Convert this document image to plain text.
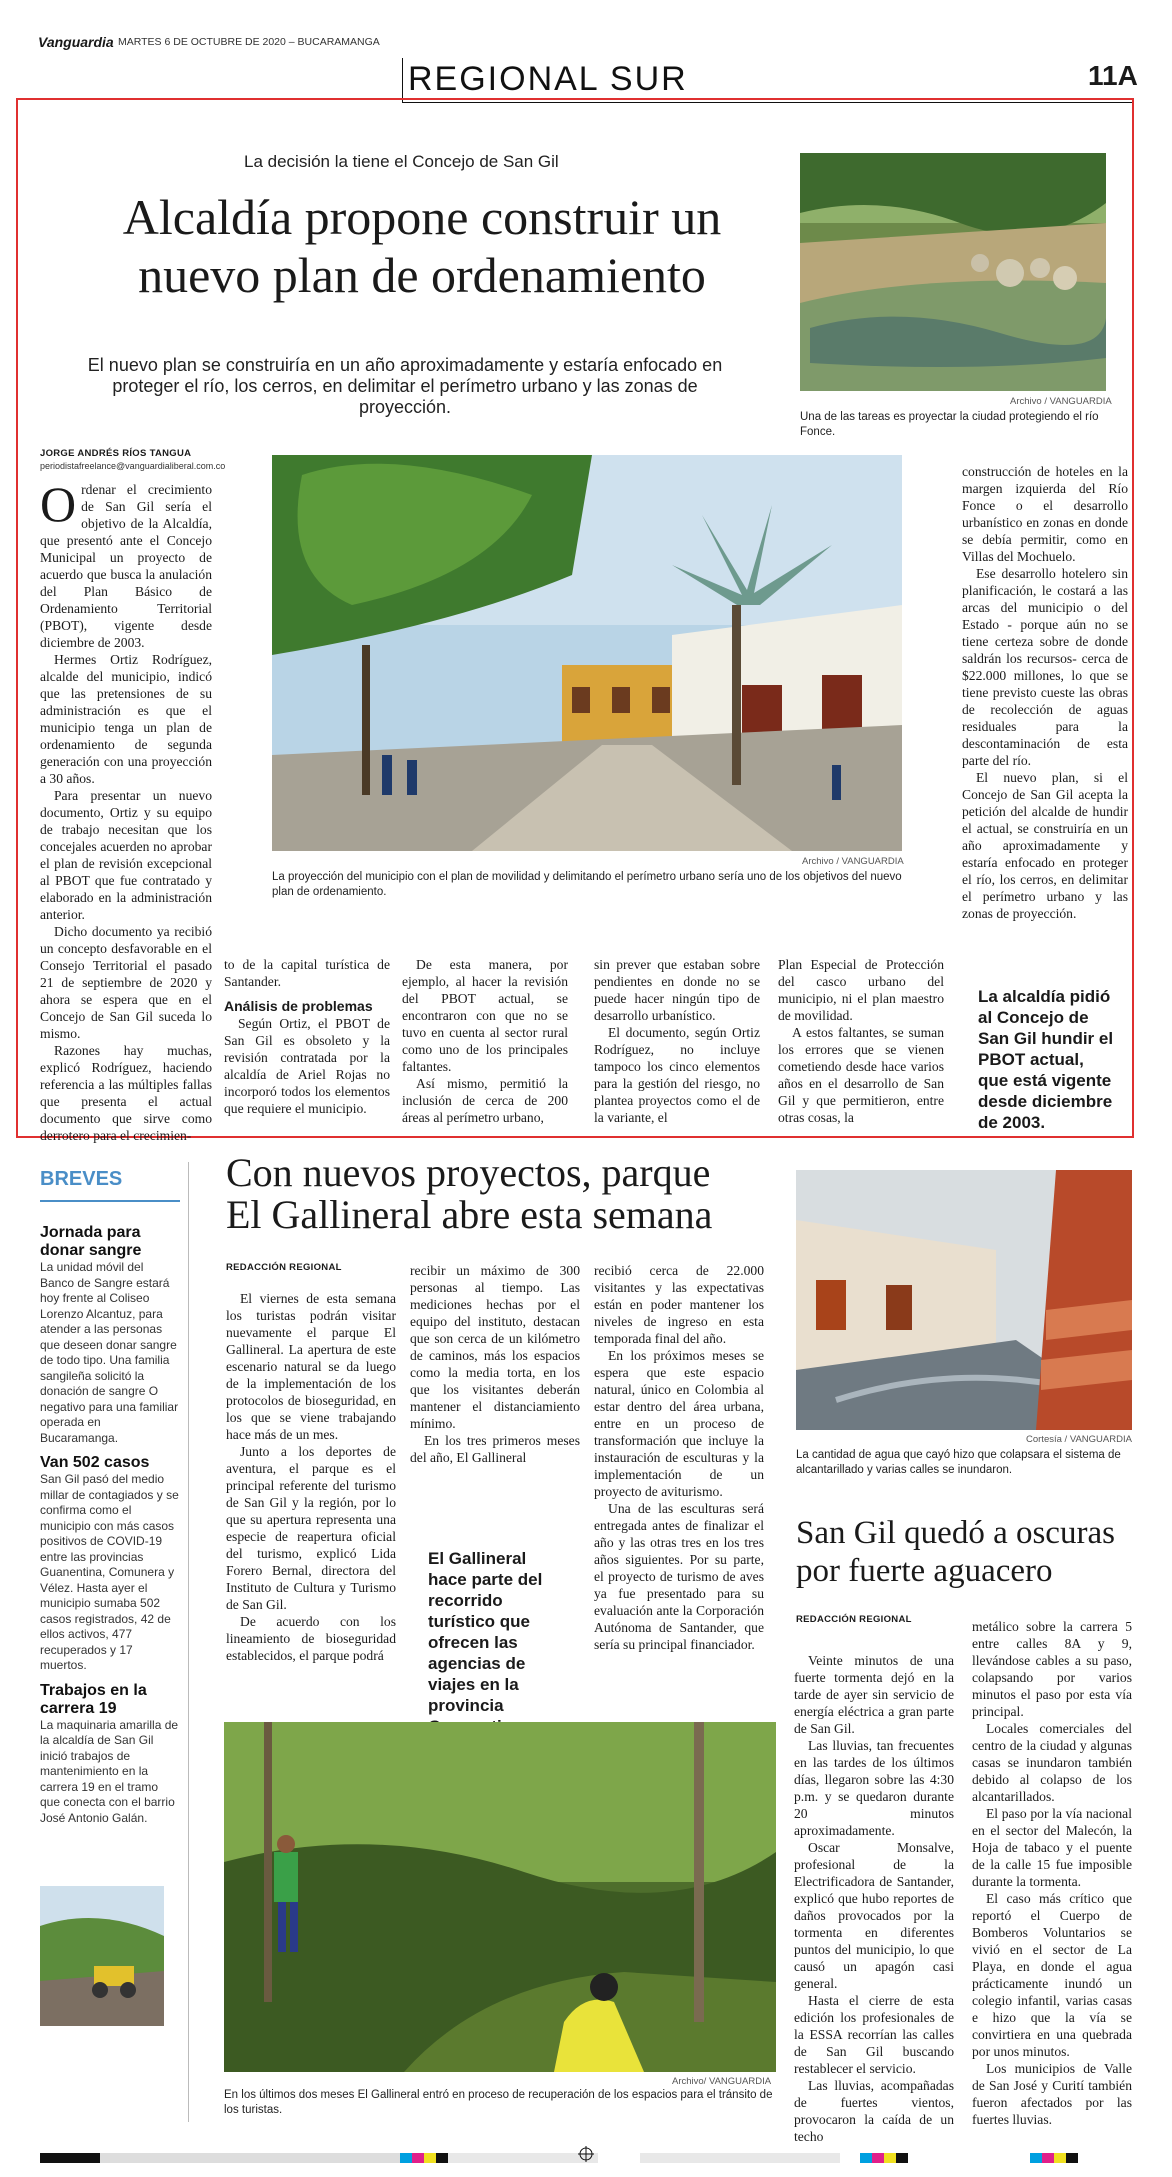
Vanguardia MARTES 6 DE OCTUBRE DE 2020 – BUCARAMANGA
REGIONAL SUR	11A
La decisión la tiene el Concejo de San Gil
Alcaldía propone construir un
nuevo plan de ordenamiento
El nuevo plan se construiría en un año aproximadamente y estaría enfocado en proteger el río, los cerros, en delimitar el perímetro urbano y las zonas de proyección.	Archivo / VANGUARDIA
Una de las tareas es proyectar la ciudad protegiendo el río Fonce.
JORGE ANDRÉS RÍOS TANGUA
periodistafreelance@vanguardialiberal.com.co

Ordenar el crecimiento de San Gil sería el objetivo de la Alcaldía, que presentó ante el Concejo Municipal un proyecto de acuerdo que busca la anulación del Plan Básico de Ordenamiento Territorial (PBOT), vigente desde diciembre de 2003.

Hermes Ortiz Rodríguez, alcalde del municipio, indicó que las pretensiones de su administración es que el municipio tenga un plan de ordenamiento de segunda generación con una proyección a 30 años.

Para presentar un nuevo documento, Ortiz y su equipo de trabajo necesitan que los concejales acuerden no aprobar el plan de revisión excepcional al PBOT que fue contratado y elaborado en la administración anterior.

Dicho documento ya recibió un concepto desfavorable en el Consejo Territorial el pasado 21 de septiembre de 2020 y ahora se espera que en el Concejo de San Gil suceda lo mismo.

Razones hay muchas, explicó Rodríguez, haciendo referencia a las múltiples fallas que presenta el actual documento que sirve como derrotero para el crecimien-

Archivo / VANGUARDIA
La proyección del municipio con el plan de movilidad y delimitando el perímetro urbano sería uno de los objetivos del nuevo plan de ordenamiento.

construcción de hoteles en la margen izquierda del Río Fonce o el desarrollo urbanístico en zonas en donde se debía permitir, como en Villas del Mochuelo.

Ese desarrollo hotelero sin planificación, le costará a las arcas del municipio o del Estado - porque aún no se tiene certeza sobre de donde saldrán los recursos- cerca de $22.000 millones, lo que se tiene previsto cueste las obras de recolección de aguas residuales para la descontaminación de esta parte del río.

El nuevo plan, si el Concejo de San Gil acepta la petición del alcalde de hundir el actual, se construiría en un año aproximadamente y estaría enfocado en proteger el río, los cerros, en delimitar el perímetro urbano y las zonas de proyección.

to de la capital turística de Santander.

Análisis de problemas

Según Ortiz, el PBOT de San Gil es obsoleto y la revisión contratada por la alcaldía de Ariel Rojas no incorporó todos los elementos que requiere el municipio.

De esta manera, por ejemplo, al hacer la revisión del PBOT actual, se encontraron con que no se tuvo en cuenta al sector rural como uno de los principales faltantes.

Así mismo, permitió la inclusión de cerca de 200 áreas al perímetro urbano,

sin prever que estaban sobre pendientes en donde no se puede hacer ningún tipo de desarrollo urbanístico.

El documento, según Ortiz Rodríguez, no incluye tampoco los cinco elementos para la gestión del riesgo, no plantea proyectos como el de la variante, el

Plan Especial de Protección del casco urbano del municipio, ni el plan maestro de movilidad.

A estos faltantes, se suman los errores que se vienen cometiendo desde hace varios años en el desarrollo de San Gil y que permitieron, entre otras cosas, la

La alcaldía pidió al Concejo de San Gil hundir el PBOT actual, que está vigente desde diciembre de 2003.
BREVES
Jornada para donar sangre
La unidad móvil del Banco de Sangre estará hoy frente al Coliseo Lorenzo Alcantuz, para atender a las personas que deseen donar sangre de todo tipo. Una familia sangileña solicitó la donación de sangre O negativo para una familiar operada en Bucaramanga.
Van 502 casos
San Gil pasó del medio millar de contagiados y se confirma como el municipio con más casos positivos de COVID-19 entre las provincias Guanentina, Comunera y Vélez. Hasta ayer el municipio sumaba 502 casos registrados, 42 de ellos activos, 477 recuperados y 17 muertos.
Trabajos en la carrera 19
La maquinaria amarilla de la alcaldía de San Gil inició trabajos de mantenimiento en la carrera 19 en el tramo que conecta con el barrio José Antonio Galán.
Con nuevos proyectos, parque
El Gallineral abre esta semana
REDACCIÓN REGIONAL

El viernes de esta semana los turistas podrán visitar nuevamente el parque El Gallineral. La apertura de este escenario natural se da luego de la implementación de los protocolos de bioseguridad, en los que se viene trabajando hace más de un mes.

Junto a los deportes de aventura, el parque es el principal referente del turismo de San Gil y la región, por lo que su apertura representa una especie de reapertura oficial del turismo, explicó Lida Forero Bernal, directora del Instituto de Cultura y Turismo de San Gil.

De acuerdo con los lineamiento de bioseguridad establecidos, el parque podrá

recibir un máximo de 300 personas al tiempo. Las mediciones hechas por el equipo del instituto, destacan que son cerca de un kilómetro de caminos, más los espacios como la media torta, en los que los visitantes deberán mantener el distanciamiento mínimo.

En los tres primeros meses del año, El Gallineral

El Gallineral hace parte del recorrido turístico que ofrecen las agencias de viajes en la provincia

recibió cerca de 22.000 visitantes y las expectativas están en poder mantener los niveles de ingreso en esta temporada final del año.

En los próximos meses se espera que este espacio natural, único en Colombia al estar dentro del área urbana, entre en un proceso de transformación que incluye la instauración de esculturas y la implementación de un proyecto de aviturismo.

Una de las esculturas será entregada antes de finalizar el año y las otras tres en los tres años siguientes. Por su parte, el proyecto de turismo de aves ya fue presentado para su evaluación ante la Corporación Autónoma de Santander, que sería su principal financiador.

Archivo/ VANGUARDIA
En los últimos dos meses El Gallineral entró en proceso de recuperación de los espacios para el tránsito de los turistas.
Cortesía / VANGUARDIA
La cantidad de agua que cayó hizo que colapsara el sistema de alcantarillado y varias calles se inundaron.
San Gil quedó a oscuras
por fuerte aguacero
REDACCIÓN REGIONAL

Veinte minutos de una fuerte tormenta dejó en la tarde de ayer sin servicio de energía eléctrica a gran parte de San Gil.

Las lluvias, tan frecuentes en las tardes de los últimos días, llegaron sobre las 4:30 p.m. y se quedaron durante 20 minutos aproximadamente.

Oscar Monsalve, profesional de la Electrificadora de Santander, explicó que hubo reportes de daños provocados por la tormenta en diferentes puntos del municipio, lo que causó un apagón casi general.

Hasta el cierre de esta edición los profesionales de la ESSA recorrían las calles de San Gil buscando restablecer el servicio.

Las lluvias, acompañadas de fuertes vientos, provocaron la caída de un techo

metálico sobre la carrera 5 entre calles 8A y 9, llevándose cables a su paso, colapsando por varios minutos el paso por esta vía principal.

Locales comerciales del centro de la ciudad y algunas casas se inundaron también debido al colapso de los alcantarillados.

El paso por la vía nacional en el sector del Malecón, la Hoja de tabaco y el puente de la calle 15 fue imposible durante la tormenta.

El caso más crítico que reportó el Cuerpo de Bomberos Voluntarios se vivió en el sector de La Playa, en donde el agua prácticamente inundó un colegio infantil, varias casas e hizo que la vía se convirtiera en una quebrada por unos minutos.

Los municipios de Valle de San José y Curití también fueron afectados por las fuertes lluvias.
